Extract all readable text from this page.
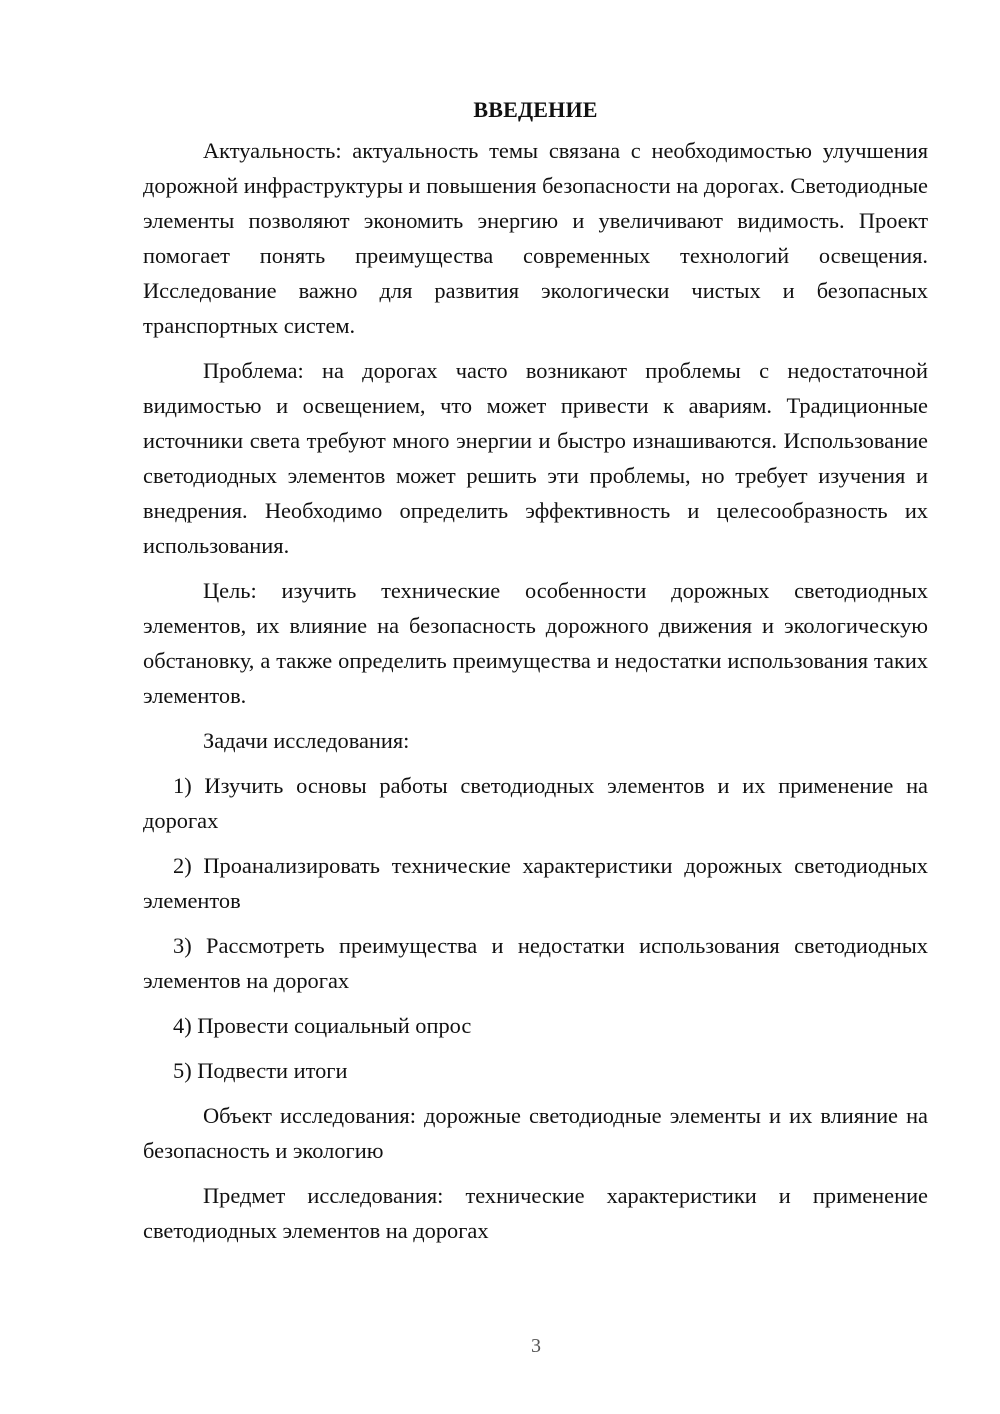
ВВЕДЕНИЕ

Актуальность: актуальность темы связана с необходимостью улучшения дорожной инфраструктуры и повышения безопасности на дорогах. Светодиодные элементы позволяют экономить энергию и увеличивают видимость. Проект помогает понять преимущества современных технологий освещения. Исследование важно для развития экологически чистых и безопасных транспортных систем.

Проблема: на дорогах часто возникают проблемы с недостаточной видимостью и освещением, что может привести к авариям. Традиционные источники света требуют много энергии и быстро изнашиваются. Использование светодиодных элементов может решить эти проблемы, но требует изучения и внедрения. Необходимо определить эффективность и целесообразность их использования.

Цель: изучить технические особенности дорожных светодиодных элементов, их влияние на безопасность дорожного движения и экологическую обстановку, а также определить преимущества и недостатки использования таких элементов.

Задачи исследования:

1) Изучить основы работы светодиодных элементов и их применение на дорогах

2) Проанализировать технические характеристики дорожных светодиодных элементов

3) Рассмотреть преимущества и недостатки использования светодиодных элементов на дорогах

4) Провести социальный опрос

5) Подвести итоги

Объект исследования: дорожные светодиодные элементы и их влияние на безопасность и экологию

Предмет исследования: технические характеристики и применение светодиодных элементов на дорогах

3
